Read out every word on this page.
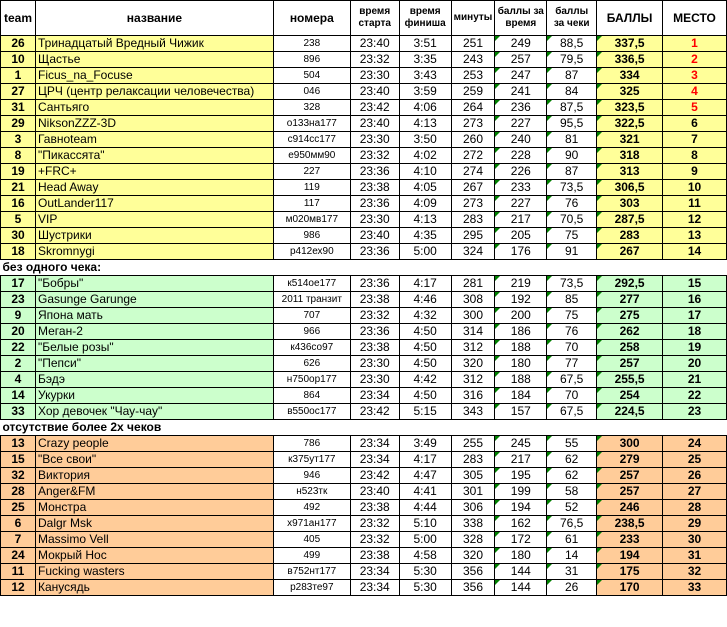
team	название	номера	время старта	время финиша	минуты	баллы за время	баллы за чеки	БАЛЛЫ	МЕСТО
26	Тринадцатый Вредный Чижик	238	23:40	3:51	251	249	88,5	337,5	1
10	Щастье	896	23:32	3:35	243	257	79,5	336,5	2
1	Ficus_na_Focuse	504	23:30	3:43	253	247	87	334	3
27	ЦРЧ (центр релаксации человечества)	046	23:40	3:59	259	241	84	325	4
31	Сантьяго	328	23:42	4:06	264	236	87,5	323,5	5
29	NiksonZZZ-3D	о133на177	23:40	4:13	273	227	95,5	322,5	6
3	Гавноteam	с914сс177	23:30	3:50	260	240	81	321	7
8	"Пикассята"	е950мм90	23:32	4:02	272	228	90	318	8
19	+FRC+	227	23:36	4:10	274	226	87	313	9
21	Head Away	119	23:38	4:05	267	233	73,5	306,5	10
16	OutLander117	117	23:36	4:09	273	227	76	303	11
5	VIP	м020мв177	23:30	4:13	283	217	70,5	287,5	12
30	Шустрики	986	23:40	4:35	295	205	75	283	13
18	Skromnygi	р412ех90	23:36	5:00	324	176	91	267	14
без одного чека:									
17	"Бобры"	к514ое177	23:36	4:17	281	219	73,5	292,5	15
23	Gasunge Garunge	2011 транзит	23:38	4:46	308	192	85	277	16
9	Япона мать	707	23:32	4:32	300	200	75	275	17
20	Меган-2	966	23:36	4:50	314	186	76	262	18
22	"Белые розы"	к436со97	23:38	4:50	312	188	70	258	19
2	"Пепси"	626	23:30	4:50	320	180	77	257	20
4	Бэдэ	н750ор177	23:30	4:42	312	188	67,5	255,5	21
14	Укурки	864	23:34	4:50	316	184	70	254	22
33	Хор девочек "Чау-чау"	в550ос177	23:42	5:15	343	157	67,5	224,5	23
отсутствие более 2х чеков									
13	Crazy people	786	23:34	3:49	255	245	55	300	24
15	"Все свои"	к375ут177	23:34	4:17	283	217	62	279	25
32	Виктория	946	23:42	4:47	305	195	62	257	26
28	Anger&FM	н523тк	23:40	4:41	301	199	58	257	27
25	Монстра	492	23:38	4:44	306	194	52	246	28
6	Dalgr Msk	х971ан177	23:32	5:10	338	162	76,5	238,5	29
7	Massimo Vell	405	23:32	5:00	328	172	61	233	30
24	Мокрый Нос	499	23:38	4:58	320	180	14	194	31
11	Fucking wasters	в752нт177	23:34	5:30	356	144	31	175	32
12	Канусядь	р283те97	23:34	5:30	356	144	26	170	33
